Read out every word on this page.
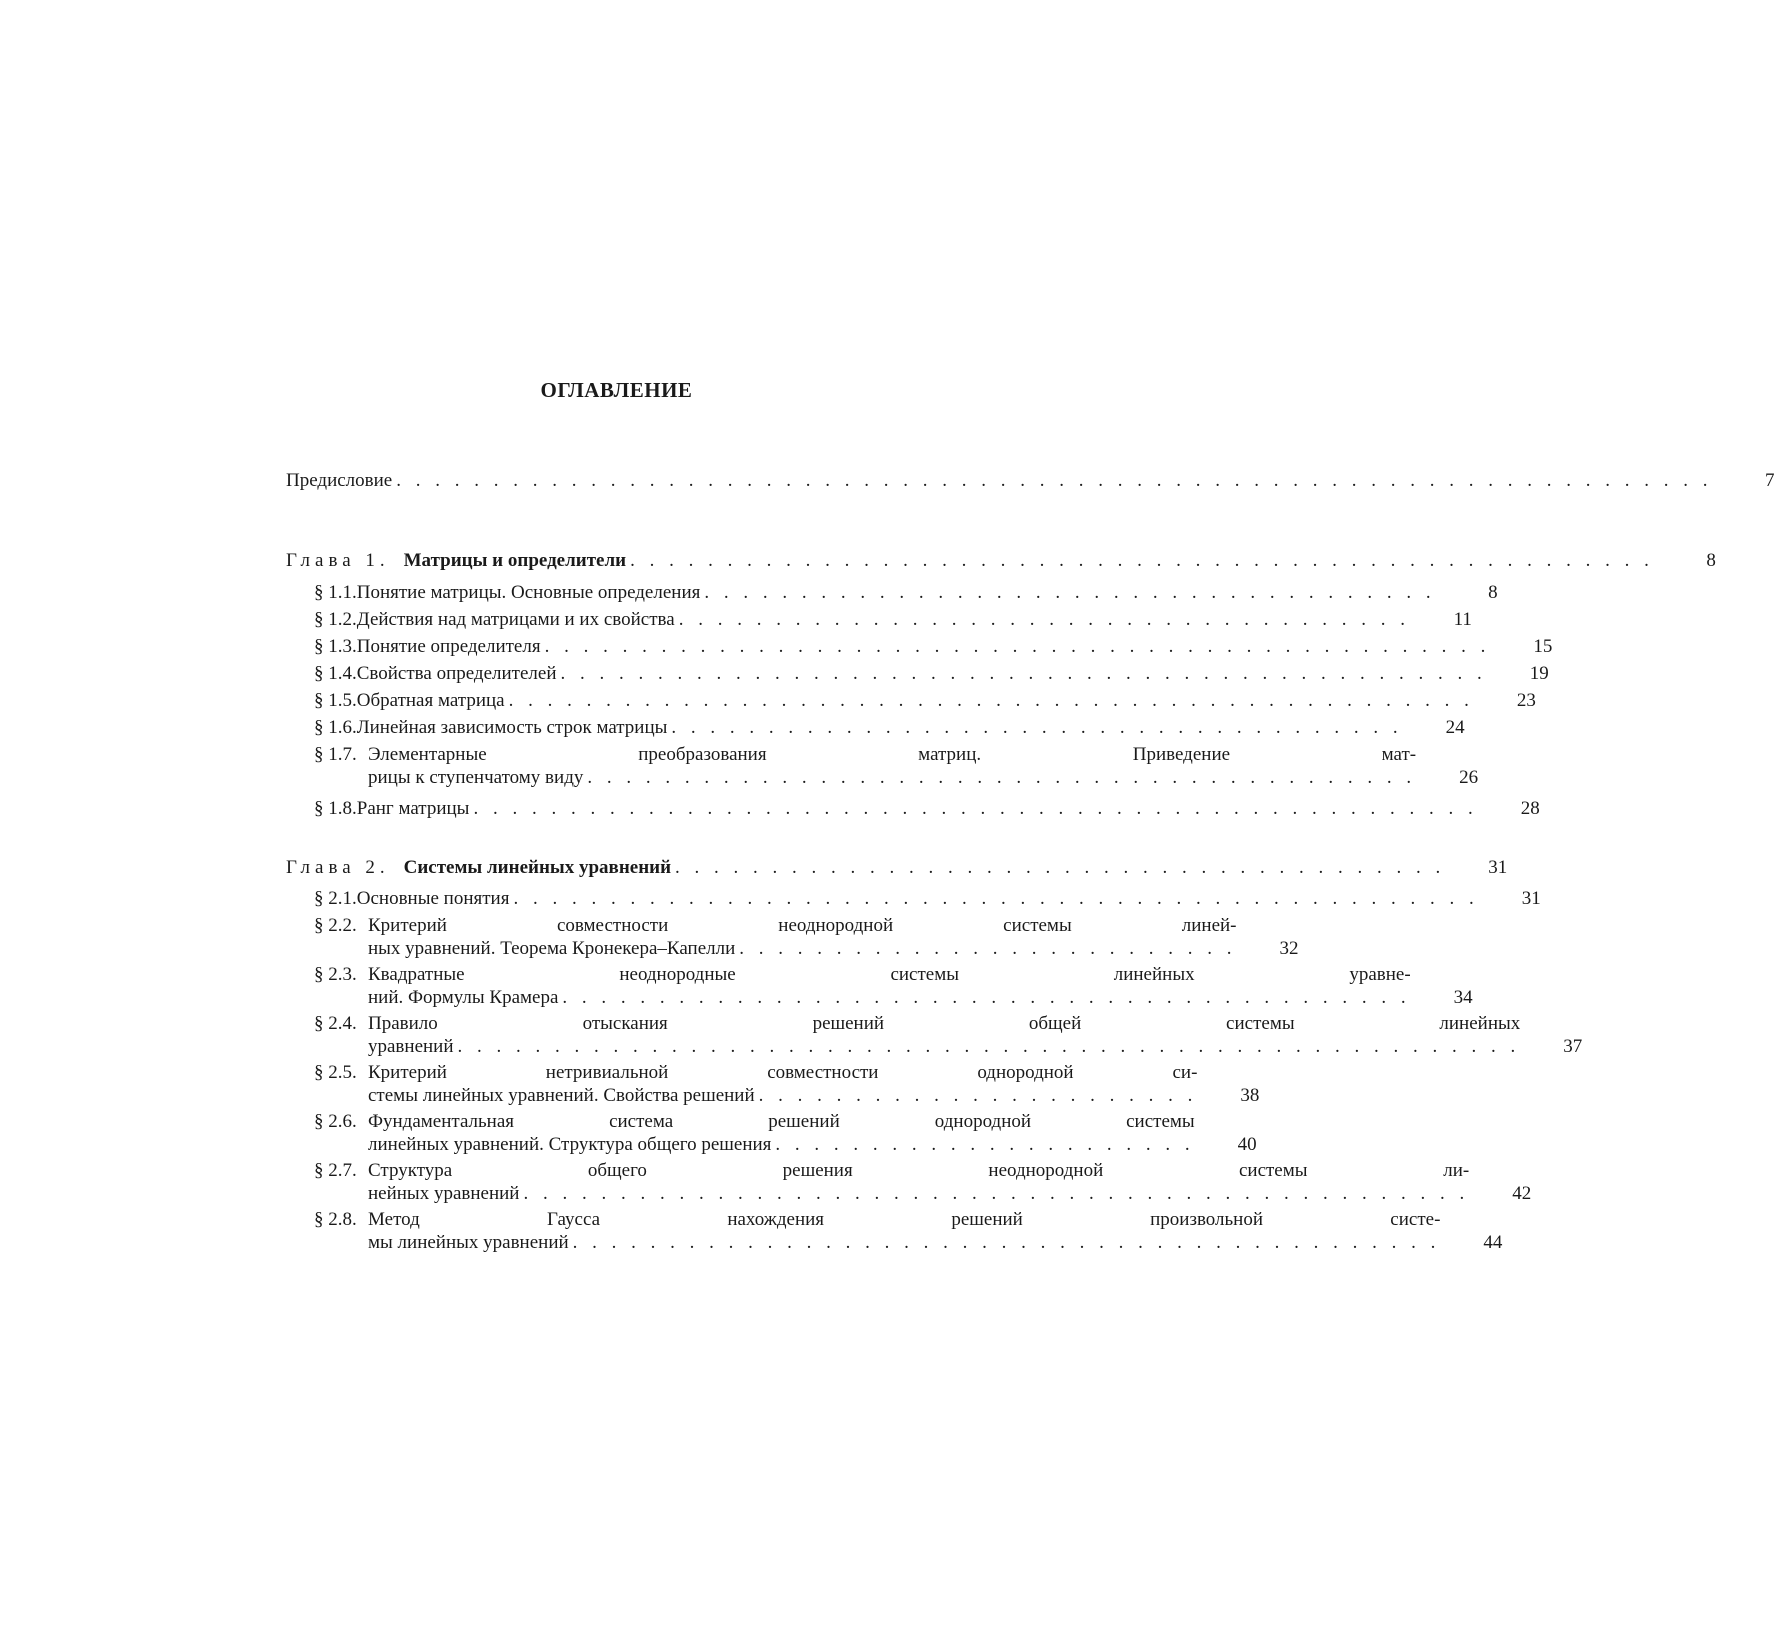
ОГЛАВЛЕНИЕ
Предисловие . . . . . . . . . . . . . . . . . . . . . . . . . . . . . . . . . . . . . . . . . . . . . . . . . . . . . . . . . . . . . . . . . . . .	7
Глава 1. Матрицы и определители . . . . . . . . . . . . . . . . . . . . . . . . . . . . . . . . . . . . . . . . . . . . . . . . . . . . .	8
§ 1.1. Понятие матрицы. Основные определения . . . . . . . . . . . . . . . . . . . . . . . . . . . . . . . . . . . . . .	8
§ 1.2. Действия над матрицами и их свойства . . . . . . . . . . . . . . . . . . . . . . . . . . . . . . . . . . . . . .	11
§ 1.3. Понятие определителя . . . . . . . . . . . . . . . . . . . . . . . . . . . . . . . . . . . . . . . . . . . . . . . . . 15
§ 1.4. Свойства определителей . . . . . . . . . . . . . . . . . . . . . . . . . . . . . . . . . . . . . . . . . . . . . . . . 19
§ 1.5. Обратная матрица . . . . . . . . . . . . . . . . . . . . . . . . . . . . . . . . . . . . . . . . . . . . . . . . . . 23
§ 1.6. Линейная зависимость строк матрицы . . . . . . . . . . . . . . . . . . . . . . . . . . . . . . . . . . . . . . 24
§ 1.7. Элементарные преобразования матриц. Приведение мат-
рицы к ступенчатому виду . . . . . . . . . . . . . . . . . . . . . . . . . . . . . . . . . . . . . . . . . . . 26
§ 1.8. Ранг матрицы . . . . . . . . . . . . . . . . . . . . . . . . . . . . . . . . . . . . . . . . . . . . . . . . . . . . 28
Глава 2. Системы линейных уравнений . . . . . . . . . . . . . . . . . . . . . . . . . . . . . . . . . . . . . . . . 31
§ 2.1. Основные понятия . . . . . . . . . . . . . . . . . . . . . . . . . . . . . . . . . . . . . . . . . . . . . . . . . . 31
§ 2.2. Критерий совместности неоднородной системы линей-
ных уравнений. Теорема Кронекера–Капелли . . . . . . . . . . . . . . . . . . . . . . . . . . 32
§ 2.3. Квадратные неоднородные системы линейных уравне-
ний. Формулы Крамера . . . . . . . . . . . . . . . . . . . . . . . . . . . . . . . . . . . . . . . . . . . . 34
§ 2.4. Правило отыскания решений общей системы линейных
уравнений . . . . . . . . . . . . . . . . . . . . . . . . . . . . . . . . . . . . . . . . . . . . . . . . . . . . . . . 37
§ 2.5. Критерий нетривиальной совместности однородной си-
стемы линейных уравнений. Свойства решений . . . . . . . . . . . . . . . . . . . . . . . 38
§ 2.6. Фундаментальная система решений однородной системы
линейных уравнений. Структура общего решения . . . . . . . . . . . . . . . . . . . . . . 40
§ 2.7. Структура общего решения неоднородной системы ли-
нейных уравнений . . . . . . . . . . . . . . . . . . . . . . . . . . . . . . . . . . . . . . . . . . . . . . . . . 42
§ 2.8. Метод Гаусса нахождения решений произвольной систе-
мы линейных уравнений . . . . . . . . . . . . . . . . . . . . . . . . . . . . . . . . . . . . . . . . . . . . . 44
